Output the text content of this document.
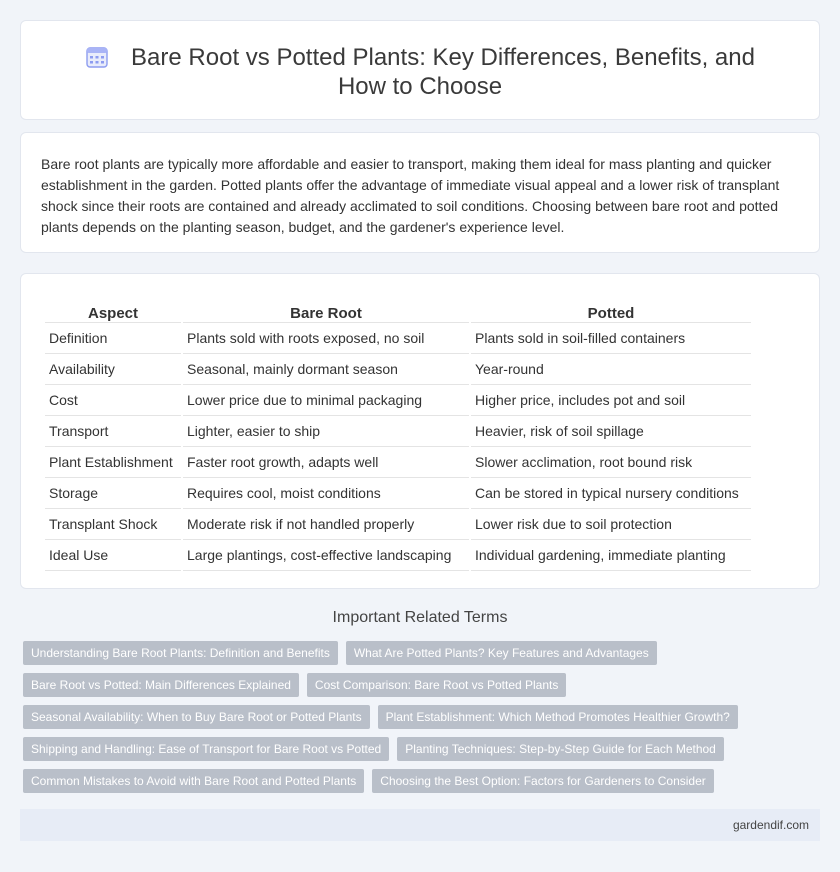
Bare Root vs Potted Plants: Key Differences, Benefits, and How to Choose

Bare root plants are typically more affordable and easier to transport, making them ideal for mass planting and quicker establishment in the garden. Potted plants offer the advantage of immediate visual appeal and a lower risk of transplant shock since their roots are contained and already acclimated to soil conditions. Choosing between bare root and potted plants depends on the planting season, budget, and the gardener's experience level.

Aspect	Bare Root	Potted
Definition	Plants sold with roots exposed, no soil	Plants sold in soil-filled containers
Availability	Seasonal, mainly dormant season	Year-round
Cost	Lower price due to minimal packaging	Higher price, includes pot and soil
Transport	Lighter, easier to ship	Heavier, risk of soil spillage
Plant Establishment	Faster root growth, adapts well	Slower acclimation, root bound risk
Storage	Requires cool, moist conditions	Can be stored in typical nursery conditions
Transplant Shock	Moderate risk if not handled properly	Lower risk due to soil protection
Ideal Use	Large plantings, cost-effective landscaping	Individual gardening, immediate planting
Important Related Terms
Understanding Bare Root Plants: Definition and Benefits	What Are Potted Plants? Key Features and Advantages
Bare Root vs Potted: Main Differences Explained	Cost Comparison: Bare Root vs Potted Plants
Seasonal Availability: When to Buy Bare Root or Potted Plants	Plant Establishment: Which Method Promotes Healthier Growth?
Shipping and Handling: Ease of Transport for Bare Root vs Potted	Planting Techniques: Step-by-Step Guide for Each Method
Common Mistakes to Avoid with Bare Root and Potted Plants	Choosing the Best Option: Factors for Gardeners to Consider
gardendif.com
